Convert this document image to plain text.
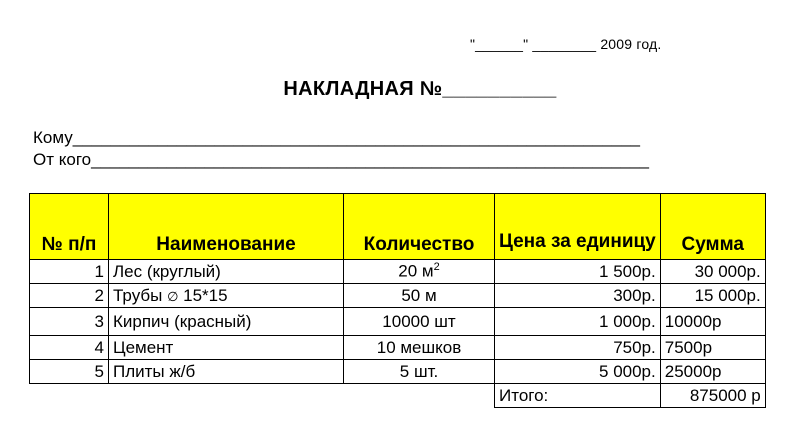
"______" ________ 2009 год.
НАКЛАДНАЯ №__________
Кому____________________________________________________________
От кого___________________________________________________________
№ п/п	Наименование	Количество	Цена за единицу	Сумма
1	Лес (круглый)	20 $м^2$	1 500р.	30 000р.
2	Трубы ∅ 15*15	50 м	300р.	15 000р.
3	Кирпич (красный)	10000 шт	1 000р.	10000р
4	Цемент	10 мешков	750р.	7500р
5	Плиты ж/б	5 шт.	5 000р.	25000р
			Итого:	875000 р
